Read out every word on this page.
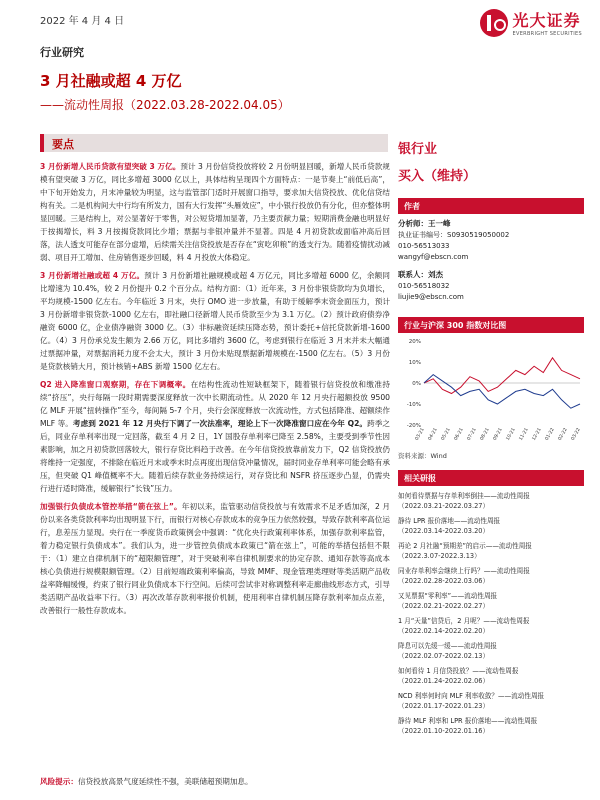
2022 年 4 月 4 日	光大证券
EVERBRIGHT SECURITIES
行业研究
3 月社融或超 4 万亿
——流动性周报（2022.03.28-2022.04.05）
要点

3 月份新增人民币贷款有望突破 3 万亿。预计 3 月份信贷投放将较 2 月份明显回暖，新增人民币贷款规模有望突破 3 万亿，同比多增超 3000 亿以上，具体结构呈现四个方面特点：一是节奏上“前低后高”，中下旬开始发力，月末冲量较为明显，这与监管部门适时开展窗口指导，要求加大信贷投放、优化信贷结构有关。二是机构间大中行均有所发力，国有大行发挥“头雁效应”，中小银行投放仍有分化，但亦整体明显回暖。三是结构上，对公显著好于零售，对公短贷增加显著，乃主要贡献力量；短期消费金融也明显好于按揭增长，料 3 月按揭贷款同比少增；票据与非银冲量并不显著。四是 4 月初贷款或面临冲高后回落，法人透支可能存在部分虚增，后续需关注信贷投放是否存在“寅吃卯粮”的透支行为。随着疫情扰动减弱、项目开工增加、住房销售逐步回暖，料 4 月投放大体稳定。

3 月份新增社融或超 4 万亿。预计 3 月份新增社融规模或超 4 万亿元，同比多增超 6000 亿，余额同比增速为 10.4%，较 2 月份提升 0.2 个百分点。结构方面：（1）近年来，3 月份非银贷款均为负增长，平均规模-1500 亿左右。今年临近 3 月末，央行 OMO 进一步放量，有助于缓解季末资金面压力，预计 3 月份新增非银贷款-1000 亿左右，即社融口径新增人民币贷款至少为 3.1 万亿。（2）预计政府债券净融资 6000 亿，企业债净融资 3000 亿。（3）非标融资延续压降态势，预计委托+信托贷款新增-1600 亿。（4）3 月份承兑发生额为 2.66 万亿，同比多增约 3600 亿，考虑到银行在临近 3 月末并未大幅通过票据冲量，对票据消耗力度不会太大，预计 3 月份未贴现票据新增规模在-1500 亿左右。（5）3 月份是贷款核销大月，预计核销+ABS 新增 1500 亿左右。

Q2 进入降准窗口观察期，存在下调概率。在结构性流动性短缺框架下，随着银行信贷投放和缴准持续“挤压”，央行每隔一段时期需要深度释放一次中长期流动性。从 2020 年 12 月央行超额投放 9500 亿 MLF 开展“扭转操作”至今，每间隔 5-7 个月，央行会深度释放一次流动性，方式包括降准、超额续作 MLF 等。考虑到 2021 年 12 月央行下调了一次法准率，理论上下一次降准窗口应在今年 Q2。跨季之后，同业存单利率出现一定回落，截至 4 月 2 日，1Y 国股存单利率已降至 2.58%，主要受到季节性因素影响，加之月初贷款回落较大，银行存贷比料趋于改善。在今年信贷投放靠前发力下，Q2 信贷投放仍将维持一定强度，不排除在临近月末或季末时点再度出现信贷冲量情况，届时同业存单利率可能会略有承压，但突破 Q1 峰值概率不大。随着后续存款业务持续运行，对存贷比和 NSFR 挤压逐步凸显，仍需央行进行适时降准，缓解银行“长钱”压力。

加强银行负债成本管控举措“箭在弦上”。年初以来，监管驱动信贷投放与有效需求不足矛盾加深，2 月份以来各类贷款利率均出现明显下行，而银行对核心存款成本的竞争压力依然较强，导致存款利率高位运行，息差压力显现。央行在一季度货币政策例会中强调：“优化央行政策利率体系，加强存款利率监管，着力稳定银行负债成本”。我们认为，进一步管控负债成本政策已“箭在弦上”，可能的举措包括但不限于：（1）建立自律机制下的“超限额管理”，对于突破利率自律机制要求的协定存款、通知存款等高成本核心负债进行规模限额管理。（2）目前短端政策利率偏高，导致 MMF、现金管理类理财等类活期产品收益率降幅缓慢，约束了银行同业负债成本下行空间。后续可尝试非对称调整利率走廊曲线形态方式，引导类活期产品收益率下行。（3）再次改革存款利率报价机制，使用利率自律机制压降存款利率加点点差，改善银行一般性存款成本。

风险提示：信贷投放高景气度延续性不强，美联储超预期加息。
银行业
买入（维持）
作者
分析师：王一峰
执业证书编号：S0930519050002
010-56513033
wangyf@ebscn.com
联系人：刘杰
010-56518032
liujie9@ebscn.com
行业与沪深 300 指数对比图
20%
10%
0%
-10%
-20%
03-21 04-21 05-21 06-21 07-21 08-21 09-21 10-21 11-21 12-21 01-22 02-22 03-22
资料来源：Wind
相关研报
如何看待票据与存单利率倒挂——流动性周报
（2022.03.21-2022.03.27）
静待 LPR 报价落地——流动性周报
（2022.03.14-2022.03.20）
再论 2 月社融“预期差”的启示——流动性周报
（2022.3.07-2022.3.13）
同业存单利率会继续上行吗？——流动性周报
（2022.02.28-2022.03.06）
又见票据“零利率”——流动性周报
（2022.02.21-2022.02.27）
1 月“天量”信贷后，2 月呢？——流动性周报
（2022.02.14-2022.02.20）
降息可以先缓一缓——流动性周报
（2022.02.07-2022.02.13）
如何看待 1 月信贷投放？——流动性周报
（2022.01.24-2022.02.06）
NCD 利率何时向 MLF 利率收敛？——流动性周报
（2022.01.17-2022.01.23）
静待 MLF 利率和 LPR 报价落地——流动性周报
（2022.01.10-2022.01.16）
